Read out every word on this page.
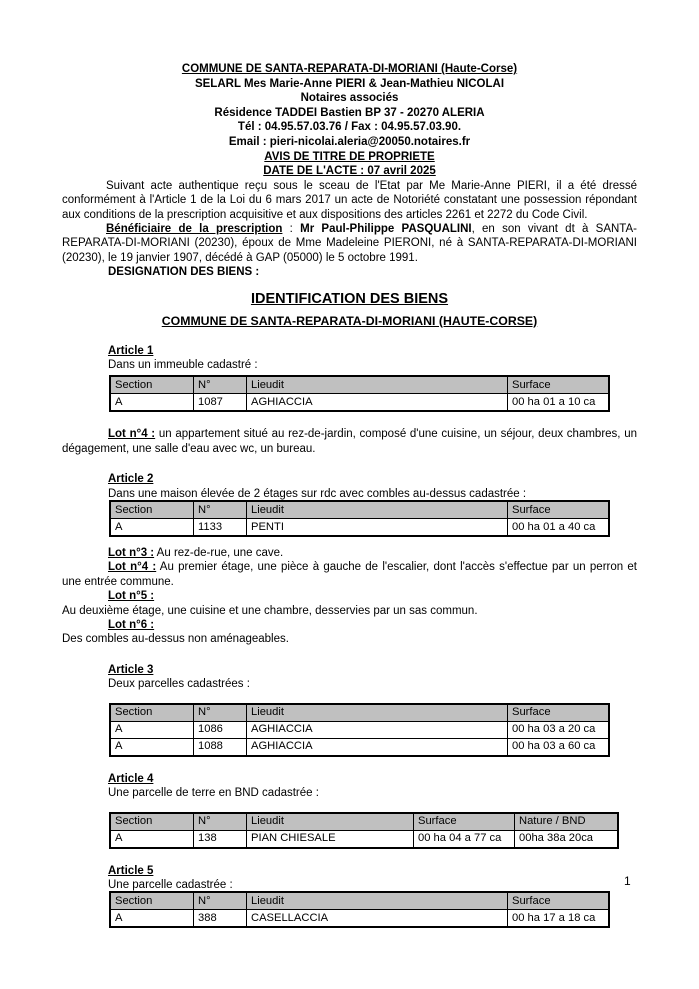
COMMUNE DE SANTA-REPARATA-DI-MORIANI (Haute-Corse)
SELARL Mes Marie-Anne PIERI & Jean-Mathieu NICOLAI
Notaires associés
Résidence TADDEI Bastien BP 37 - 20270 ALERIA
Tél : 04.95.57.03.76 / Fax : 04.95.57.03.90.
Email : pieri-nicolai.aleria@20050.notaires.fr
AVIS DE TITRE DE PROPRIETE
DATE DE L'ACTE : 07 avril 2025

Suivant acte authentique reçu sous le sceau de l'Etat par Me Marie-Anne PIERI, il a été dressé conformément à l'Article 1 de la Loi du 6 mars 2017 un acte de Notoriété constatant une possession répondant aux conditions de la prescription acquisitive et aux dispositions des articles 2261 et 2272 du Code Civil.

Bénéficiaire de la prescription : Mr Paul-Philippe PASQUALINI, en son vivant dt à SANTA-REPARATA-DI-MORIANI (20230), époux de Mme Madeleine PIERONI, né à SANTA-REPARATA-DI-MORIANI (20230), le 19 janvier 1907, décédé à GAP (05000) le 5 octobre 1991.

DESIGNATION DES BIENS :
IDENTIFICATION DES BIENS
COMMUNE DE SANTA-REPARATA-DI-MORIANI (HAUTE-CORSE)
Article 1
Dans un immeuble cadastré :
Section	N°	Lieudit	Surface
A	1087	AGHIACCIA	00 ha 01 a 10 ca

Lot n°4 : un appartement situé au rez-de-jardin, composé d'une cuisine, un séjour, deux chambres, un dégagement, une salle d'eau avec wc, un bureau.

Article 2
Dans une maison élevée de 2 étages sur rdc avec combles au-dessus cadastrée :
Section	N°	Lieudit	Surface
A	1133	PENTI	00 ha 01 a 40 ca

Lot n°3 : Au rez-de-rue, une cave.

Lot n°4 : Au premier étage, une pièce à gauche de l'escalier, dont l'accès s'effectue par un perron et une entrée commune.

Lot n°5 :

Au deuxième étage, une cuisine et une chambre, desservies par un sas commun.

Lot n°6 :

Des combles au-dessus non aménageables.

Article 3
Deux parcelles cadastrées :
Section	N°	Lieudit	Surface
A	1086	AGHIACCIA	00 ha 03 a 20 ca
A	1088	AGHIACCIA	00 ha 03 a 60 ca
Article 4
Une parcelle de terre en BND cadastrée :
Section	N°	Lieudit	Surface	Nature / BND
A	138	PIAN CHIESALE	00 ha 04 a 77 ca	00ha 38a 20ca
Article 5
Une parcelle cadastrée :
Section	N°	Lieudit	Surface
A	388	CASELLACCIA	00 ha 17 a 18 ca
1
